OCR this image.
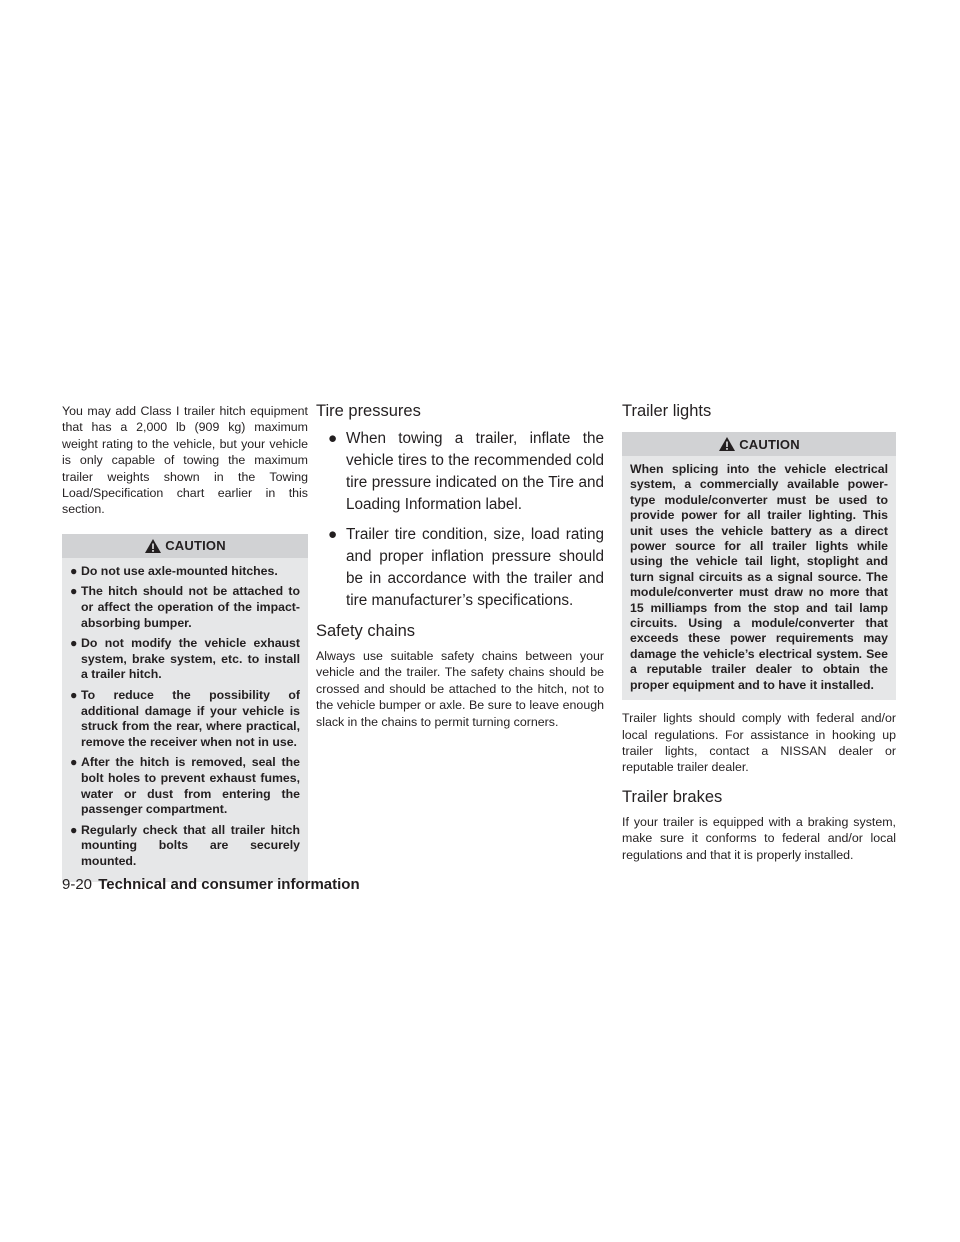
You may add Class I trailer hitch equipment that has a 2,000 lb (909 kg) maximum weight rating to the vehicle, but your vehicle is only capable of towing the maximum trailer weights shown in the Towing Load/Specification chart earlier in this section.

CAUTION
● Do not use axle-mounted hitches.
● The hitch should not be attached to or affect the operation of the impact-absorbing bumper.
● Do not modify the vehicle exhaust system, brake system, etc. to install a trailer hitch.
● To reduce the possibility of additional damage if your vehicle is struck from the rear, where practical, remove the receiver when not in use.
● After the hitch is removed, seal the bolt holes to prevent exhaust fumes, water or dust from entering the passenger compartment.
● Regularly check that all trailer hitch mounting bolts are securely mounted.
Tire pressures
● When towing a trailer, inflate the vehicle tires to the recommended cold tire pressure indicated on the Tire and Loading Information label.
● Trailer tire condition, size, load rating and proper inflation pressure should be in accordance with the trailer and tire manufacturer’s specifications.
Safety chains

Always use suitable safety chains between your vehicle and the trailer. The safety chains should be crossed and should be attached to the hitch, not to the vehicle bumper or axle. Be sure to leave enough slack in the chains to permit turning corners.

Trailer lights
CAUTION

When splicing into the vehicle electrical system, a commercially available power-type module/converter must be used to provide power for all trailer lighting. This unit uses the vehicle battery as a direct power source for all trailer lights while using the vehicle tail light, stoplight and turn signal circuits as a signal source. The module/converter must draw no more that 15 milliamps from the stop and tail lamp circuits. Using a module/converter that exceeds these power requirements may damage the vehicle’s electrical system. See a reputable trailer dealer to obtain the proper equipment and to have it installed.

Trailer lights should comply with federal and/or local regulations. For assistance in hooking up trailer lights, contact a NISSAN dealer or reputable trailer dealer.

Trailer brakes

If your trailer is equipped with a braking system, make sure it conforms to federal and/or local regulations and that it is properly installed.

9-20 Technical and consumer information
